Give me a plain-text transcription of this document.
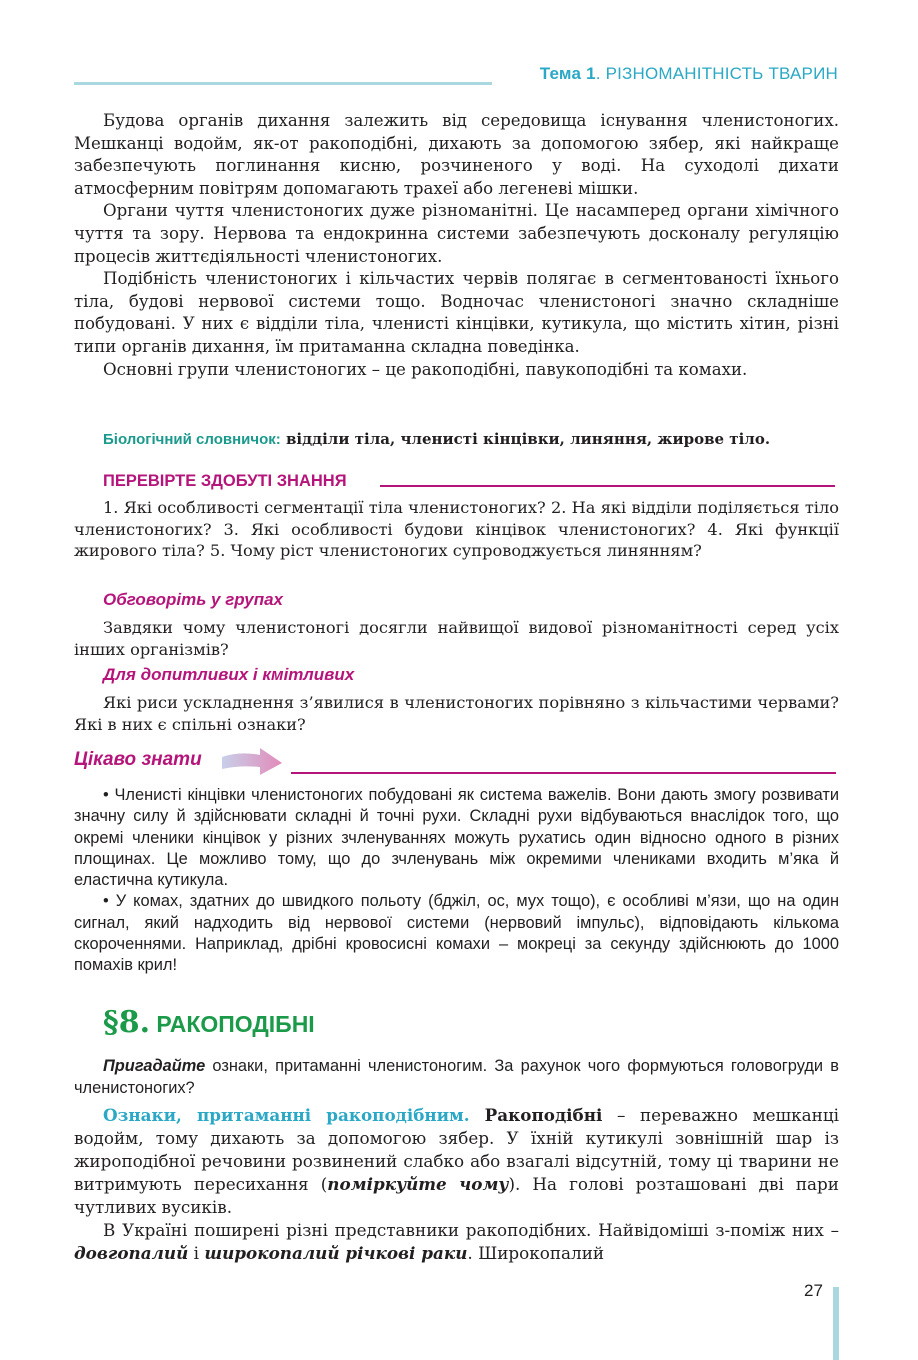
Тема 1. РІЗНОМАНІТНІСТЬ ТВАРИН

Будова органів дихання залежить від середовища існування членистоногих. Мешканці водойм, як-от ракоподібні, дихають за допомогою зябер, які найкраще забезпечують поглинання кисню, розчиненого у воді. На суходолі дихати атмосферним повітрям допомагають трахеї або легеневі мішки.

Органи чуття членистоногих дуже різноманітні. Це насамперед органи хімічного чуття та зору. Нервова та ендокринна системи забезпечують досконалу регуляцію процесів життєдіяльності членистоногих.

Подібність членистоногих і кільчастих червів полягає в сегментованості їхнього тіла, будові нервової системи тощо. Водночас членистоногі значно складніше побудовані. У них є відділи тіла, членисті кінцівки, кутикула, що містить хітин, різні типи органів дихання, їм притаманна складна поведінка.

Основні групи членистоногих – це ракоподібні, павукоподібні та комахи.

Біологічний словничок: відділи тіла, членисті кінцівки, линяння, жирове тіло.
ПЕРЕВІРТЕ ЗДОБУТІ ЗНАННЯ

1. Які особливості сегментації тіла членистоногих? 2. На які відділи поділяється тіло членистоногих? 3. Які особливості будови кінцівок членистоногих? 4. Які функції жирового тіла? 5. Чому ріст членистоногих супроводжується линянням?

Обговоріть у групах

Завдяки чому членистоногі досягли найвищої видової різноманітності серед усіх інших організмів?

Для допитливих і кмітливих

Які риси ускладнення з’явилися в членистоногих порівняно з кільчастими червами? Які в них є спільні ознаки?

Цікаво знати

• Членисті кінцівки членистоногих побудовані як система важелів. Вони дають змогу розвивати значну силу й здійснювати складні й точні рухи. Складні рухи відбуваються внаслідок того, що окремі членики кінцівок у різних зчленуваннях можуть рухатись один відносно одного в різних площинах. Це можливо тому, що до зчленувань між окремими члениками входить м’яка й еластична кутикула.

• У комах, здатних до швидкого польоту (бджіл, ос, мух тощо), є особливі м’язи, що на один сигнал, який надходить від нервової системи (нервовий імпульс), відповідають кількома скороченнями. Наприклад, дрібні кровосисні комахи – мокреці за секунду здійснюють до 1000 помахів крил!

§8. РАКОПОДІБНІ

Пригадайте ознаки, притаманні членистоногим. За рахунок чого формуються головогруди в членистоногих?

Ознаки, притаманні ракоподібним. Ракоподібні – переважно мешканці водойм, тому дихають за допомогою зябер. У їхній кутикулі зовнішній шар із жироподібної речовини розвинений слабко або взагалі відсутній, тому ці тварини не витримують пересихання (поміркуйте чому). На голові розташовані дві пари чутливих вусиків.

В Україні поширені різні представники ракоподібних. Найвідоміші з-поміж них – довгопалий і широкопалий річкові раки. Широкопалий

27
